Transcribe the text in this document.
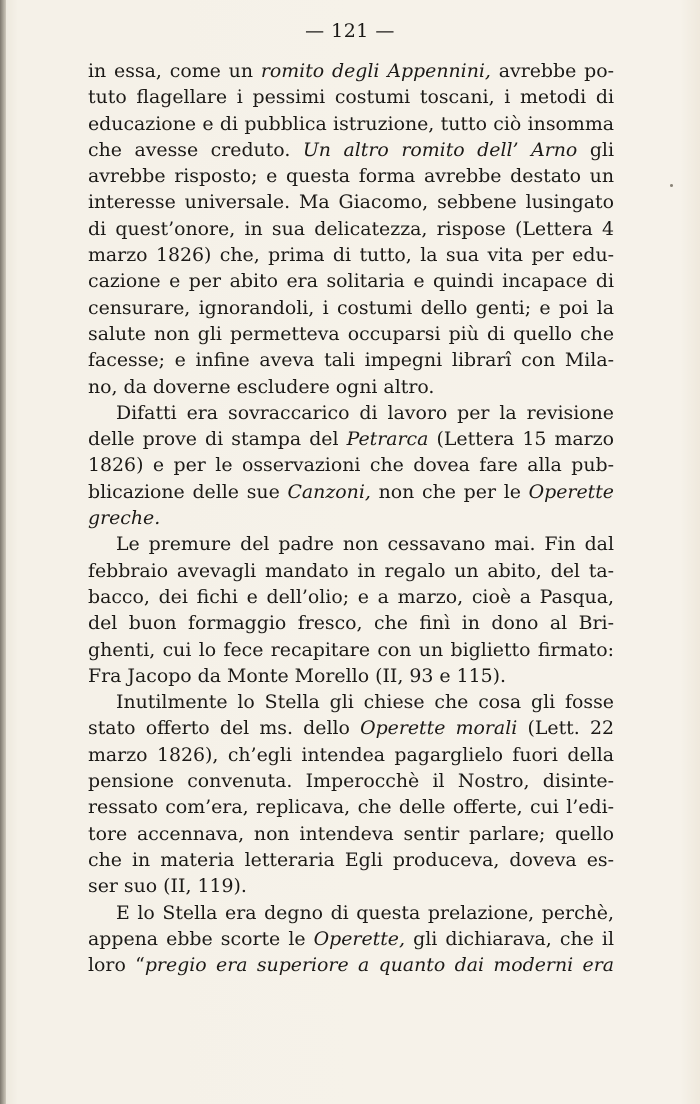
— 121 —
in essa, come un romito degli Appennini, avrebbe po-
tuto flagellare i pessimi costumi toscani, i metodi di
educazione e di pubblica istruzione, tutto ciò insomma
che avesse creduto. Un altro romito dell’ Arno gli
avrebbe risposto; e questa forma avrebbe destato un
interesse universale. Ma Giacomo, sebbene lusingato
di quest’onore, in sua delicatezza, rispose (Lettera 4
marzo 1826) che, prima di tutto, la sua vita per edu-
cazione e per abito era solitaria e quindi incapace di
censurare, ignorandoli, i costumi dello genti; e poi la
salute non gli permetteva occuparsi più di quello che
facesse; e infine aveva tali impegni librarî con Mila-
no, da doverne escludere ogni altro.
Difatti era sovraccarico di lavoro per la revisione
delle prove di stampa del Petrarca (Lettera 15 marzo
1826) e per le osservazioni che dovea fare alla pub-
blicazione delle sue Canzoni, non che per le Operette
greche.
Le premure del padre non cessavano mai. Fin dal
febbraio avevagli mandato in regalo un abito, del ta-
bacco, dei fichi e dell’olio; e a marzo, cioè a Pasqua,
del buon formaggio fresco, che finì in dono al Bri-
ghenti, cui lo fece recapitare con un biglietto firmato:
Fra Jacopo da Monte Morello (II, 93 e 115).
Inutilmente lo Stella gli chiese che cosa gli fosse
stato offerto del ms. dello Operette morali (Lett. 22
marzo 1826), ch’egli intendea pagarglielo fuori della
pensione convenuta. Imperocchè il Nostro, disinte-
ressato com’era, replicava, che delle offerte, cui l’edi-
tore accennava, non intendeva sentir parlare; quello
che in materia letteraria Egli produceva, doveva es-
ser suo (II, 119).
E lo Stella era degno di questa prelazione, perchè,
appena ebbe scorte le Operette, gli dichiarava, che il
loro “pregio era superiore a quanto dai moderni era
